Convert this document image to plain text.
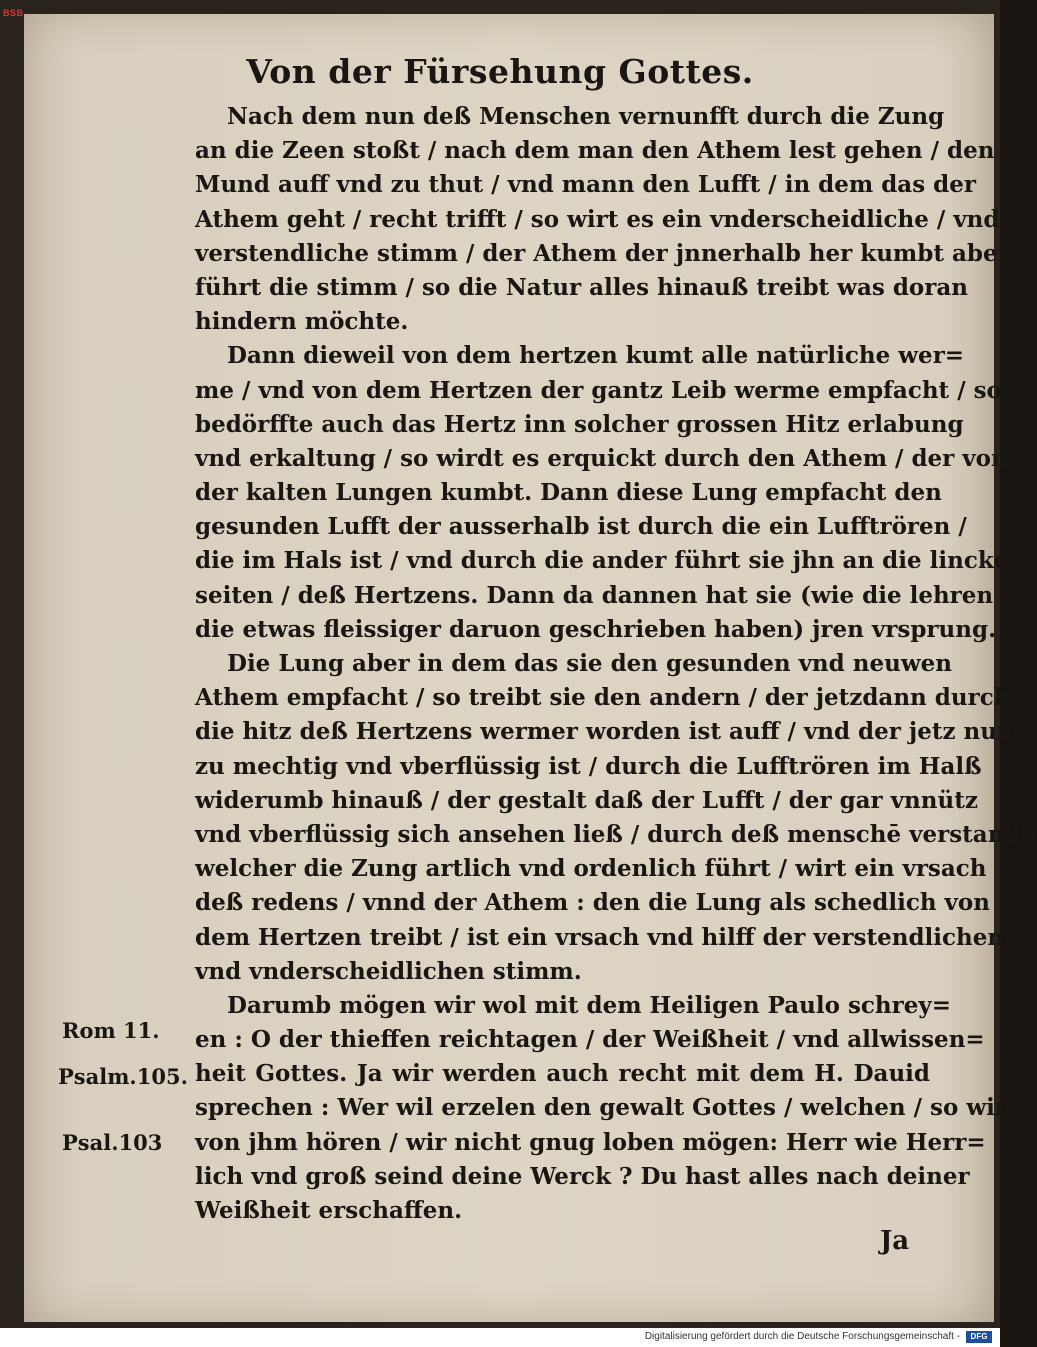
BSB
Von der Fürsehung Gottes.
Nach dem nun deß Menschen vernunfft durch die Zung
an die Zeen stoßt / nach dem man den Athem lest gehen / den
Mund auff vnd zu thut / vnd mann den Lufft / in dem das der
Athem geht / recht trifft / so wirt es ein vnderscheidliche / vnd
verstendliche stimm / der Athem der jnnerhalb her kumbt aber
führt die stimm / so die Natur alles hinauß treibt was doran
hindern möchte.
Dann dieweil von dem hertzen kumt alle natürliche wer=
me / vnd von dem Hertzen der gantz Leib werme empfacht / so
bedörffte auch das Hertz inn solcher grossen Hitz erlabung
vnd erkaltung / so wirdt es erquickt durch den Athem / der von
der kalten Lungen kumbt. Dann diese Lung empfacht den
gesunden Lufft der ausserhalb ist durch die ein Lufftrören /
die im Hals ist / vnd durch die ander führt sie jhn an die lincke
seiten / deß Hertzens. Dann da dannen hat sie (wie die lehren
die etwas fleissiger daruon geschrieben haben) jren vrsprung.
Die Lung aber in dem das sie den gesunden vnd neuwen
Athem empfacht / so treibt sie den andern / der jetzdann durch
die hitz deß Hertzens wermer worden ist auff / vnd der jetz nun
zu mechtig vnd vberflüssig ist / durch die Lufftrören im Halß
widerumb hinauß / der gestalt daß der Lufft / der gar vnnütz
vnd vberflüssig sich ansehen ließ / durch deß menschē verstand /
welcher die Zung artlich vnd ordenlich führt / wirt ein vrsach
deß redens / vnnd der Athem : den die Lung als schedlich von
dem Hertzen treibt / ist ein vrsach vnd hilff der verstendlichen
vnd vnderscheidlichen stimm.
Darumb mögen wir wol mit dem Heiligen Paulo schrey=
en : O der thieffen reichtagen / der Weißheit / vnd allwissen=
heit Gottes. Ja wir werden auch recht mit dem H. Dauid
sprechen : Wer wil erzelen den gewalt Gottes / welchen / so wir
von jhm hören / wir nicht gnug loben mögen: Herr wie Herr=
lich vnd groß seind deine Werck ? Du hast alles nach deiner
Weißheit erschaffen.
Rom 11.
Psalm.105.
Psal.103
Ja
Digitalisierung gefördert durch die Deutsche Forschungsgemeinschaft -	DFG
